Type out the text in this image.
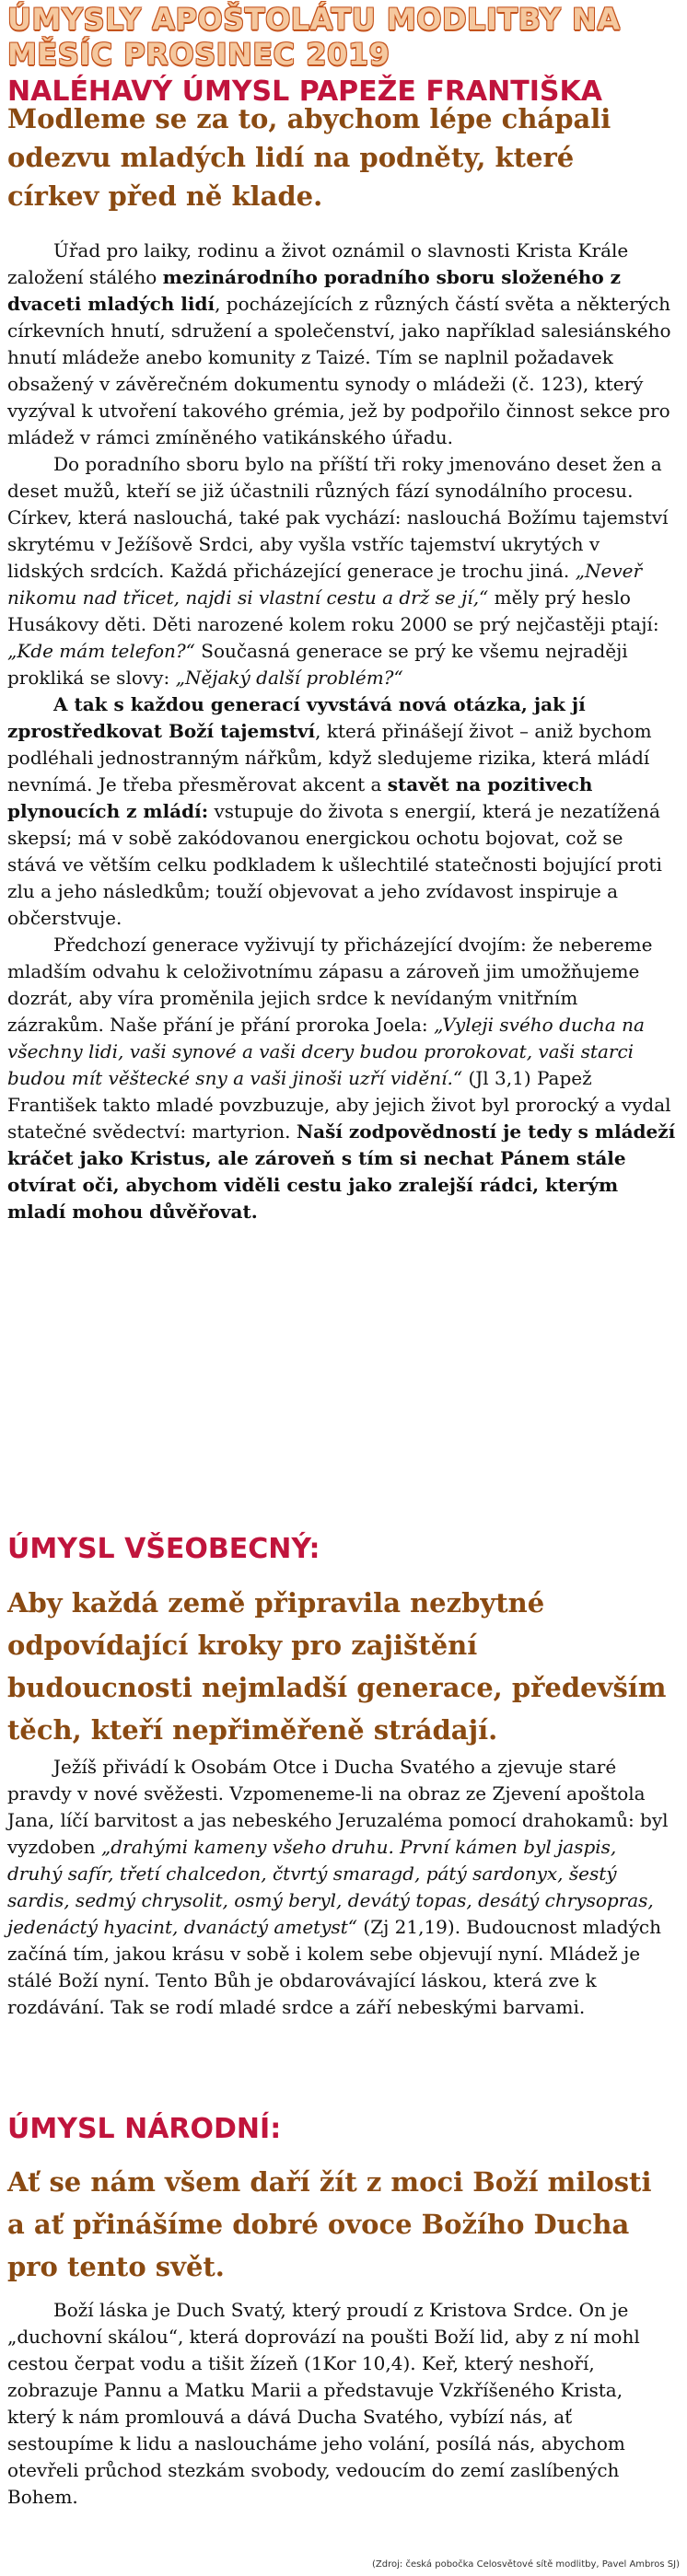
ÚMYSLY APOŠTOLÁTU MODLITBY NA MĚSÍC PROSINEC 2019
NALÉHAVÝ ÚMYSL PAPEŽE FRANTIŠKA
Modleme se za to, abychom lépe chápali odezvu mladých lidí na podněty, které církev před ně klade.

Úřad pro laiky, rodinu a život oznámil o slavnosti Krista Krále založení stálého mezinárodního poradního sboru složeného z dvaceti mladých lidí, pocházejících z různých částí světa a některých církevních hnutí, sdružení a společenství, jako například salesiánského hnutí mládeže anebo komunity z Taizé. Tím se naplnil požadavek obsažený v závěrečném dokumentu synody o mládeži (č. 123), který vyzýval k utvoření takového grémia, jež by podpořilo činnost sekce pro mládež v rámci zmíněného vatikánského úřadu.

Do poradního sboru bylo na příští tři roky jmenováno deset žen a deset mužů, kteří se již účastnili různých fází synodálního procesu. Církev, která naslouchá, také pak vychází: naslouchá Božímu tajemství skrytému v Ježíšově Srdci, aby vyšla vstříc tajemství ukrytých v lidských srdcích. Každá přicházející generace je trochu jiná. „Neveř nikomu nad třicet, najdi si vlastní cestu a drž se jí,“ měly prý heslo Husákovy děti. Děti narozené kolem roku 2000 se prý nejčastěji ptají: „Kde mám telefon?“ Současná generace se prý ke všemu nejraději prokliká se slovy: „Nějaký další problém?“

A tak s každou generací vyvstává nová otázka, jak jí zprostředkovat Boží tajemství, která přinášejí život – aniž bychom podléhali jednostranným nářkům, když sledujeme rizika, která mládí nevnímá. Je třeba přesměrovat akcent a stavět na pozitivech plynoucích z mládí: vstupuje do života s energií, která je nezatížená skepsí; má v sobě zakódovanou energickou ochotu bojovat, což se stává ve větším celku podkladem k ušlechtilé statečnosti bojující proti zlu a jeho následkům; touží objevovat a jeho zvídavost inspiruje a občerstvuje.

Předchozí generace vyživují ty přicházející dvojím: že nebereme mladším odvahu k celoživotnímu zápasu a zároveň jim umožňujeme dozrát, aby víra proměnila jejich srdce k nevídaným vnitřním zázrakům. Naše přání je přání proroka Joela: „Vyleji svého ducha na všechny lidi, vaši synové a vaši dcery budou prorokovat, vaši starci budou mít věštecké sny a vaši jinoši uzří vidění.“ (Jl 3,1) Papež František takto mladé povzbuzuje, aby jejich život byl prorocký a vydal statečné svědectví: martyrion. Naší zodpovědností je tedy s mládeží kráčet jako Kristus, ale zároveň s tím si nechat Pánem stále otvírat oči, abychom viděli cestu jako zralejší rádci, kterým mladí mohou důvěřovat.

ÚMYSL VŠEOBECNÝ:
Aby každá země připravila nezbytné odpovídající kroky pro zajištění budoucnosti nejmladší generace, především těch, kteří nepřiměřeně strádají.

Ježíš přivádí k Osobám Otce i Ducha Svatého a zjevuje staré pravdy v nové svěžesti. Vzpomeneme-li na obraz ze Zjevení apoštola Jana, líčí barvitost a jas nebeského Jeruzaléma pomocí drahokamů: byl vyzdoben „drahými kameny všeho druhu. První kámen byl jaspis, druhý safír, třetí chalcedon, čtvrtý smaragd, pátý sardonyx, šestý sardis, sedmý chrysolit, osmý beryl, devátý topas, desátý chrysopras, jedenáctý hyacint, dvanáctý ametyst“ (Zj 21,19). Budoucnost mladých začíná tím, jakou krásu v sobě i kolem sebe objevují nyní. Mládež je stálé Boží nyní. Tento Bůh je obdarovávající láskou, která zve k rozdávání. Tak se rodí mladé srdce a září nebeskými barvami.

ÚMYSL NÁRODNÍ:
Ať se nám všem daří žít z moci Boží milosti a ať přinášíme dobré ovoce Božího Ducha pro tento svět.

Boží láska je Duch Svatý, který proudí z Kristova Srdce. On je „duchovní skálou“, která doprovází na poušti Boží lid, aby z ní mohl cestou čerpat vodu a tišit žízeň (1Kor 10,4). Keř, který neshoří, zobrazuje Pannu a Matku Marii a představuje Vzkříšeného Krista, který k nám promlouvá a dává Ducha Svatého, vybízí nás, ať sestoupíme k lidu a nasloucháme jeho volání, posílá nás, abychom otevřeli průchod stezkám svobody, vedoucím do zemí zaslíbených Bohem.

(Zdroj: česká pobočka Celosvětové sítě modlitby, Pavel Ambros SJ)
